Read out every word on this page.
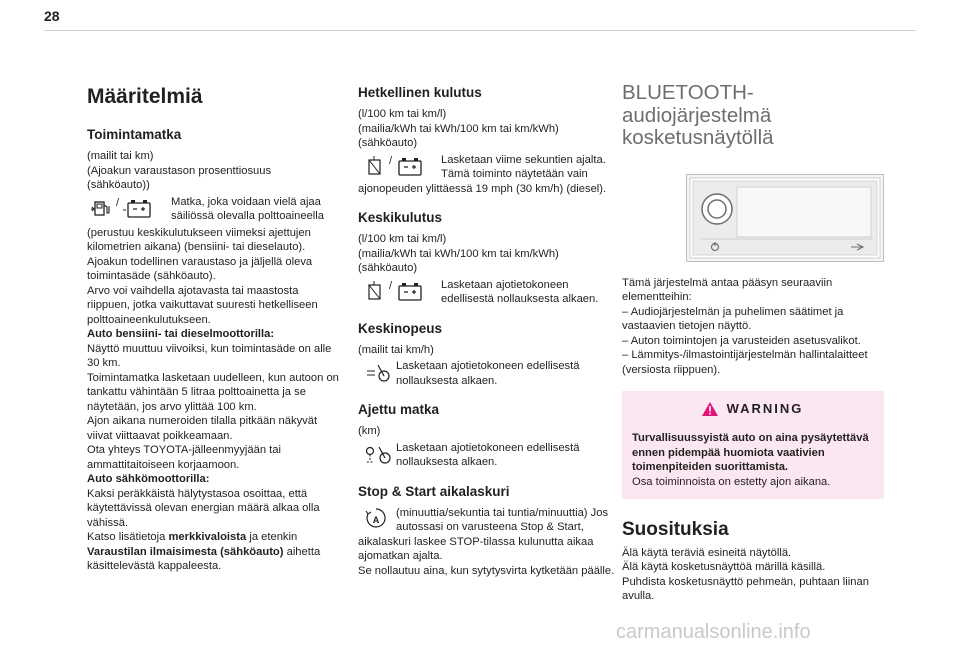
28
Määritelmiä
Toimintamatka

(mailit tai km)
(Ajoakun varaustason prosenttiosuus
(sähköauto))

/	Matka, joka voidaan vielä ajaa säiliössä olevalla polttoaineella

(perustuu keskikulutukseen viimeksi ajettujen kilometrien aikana) (bensiini- tai dieselauto).
Ajoakun todellinen varaustaso ja jäljellä oleva toimintasäde (sähköauto).
Arvo voi vaihdella ajotavasta tai maastosta riippuen, jotka vaikuttavat suuresti hetkelliseen polttoaineenkulutukseen.

Auto bensiini- tai dieselmoottorilla:

Näyttö muuttuu viivoiksi, kun toimintasäde on alle 30 km.
Toimintamatka lasketaan uudelleen, kun autoon on tankattu vähintään 5 litraa polttoainetta ja se näytetään, jos arvo ylittää 100 km.
Ajon aikana numeroiden tilalla pitkään näkyvät viivat viittaavat poikkeamaan.
Ota yhteys TOYOTA-jälleenmyyjään tai ammattitaitoiseen korjaamoon.

Auto sähkömoottorilla:

Kaksi peräkkäistä hälytystasoa osoittaa, että käytettävissä olevan energian määrä alkaa olla vähissä.

Katso lisätietoja merkkivaloista ja etenkin Varaustilan ilmaisimesta (sähköauto) aihetta käsittelevästä kappaleesta.

Hetkellinen kulutus

(l/100 km tai km/l)
(mailia/kWh tai kWh/100 km tai km/kWh)
(sähköauto)

/	Lasketaan viime sekuntien ajalta. Tämä toiminto näytetään vain

ajonopeuden ylittäessä 19 mph (30 km/h) (diesel).

Keskikulutus

(l/100 km tai km/l)
(mailia/kWh tai kWh/100 km tai km/kWh)
(sähköauto)

/	Lasketaan ajotietokoneen edellisestä nollauksesta alkaen.

Keskinopeus

(mailit tai km/h)

Lasketaan ajotietokoneen edellisestä nollauksesta alkaen.

Ajettu matka

(km)

Lasketaan ajotietokoneen edellisestä nollauksesta alkaen.

Stop & Start aikalaskuri
A

(minuuttia/sekuntia tai tuntia/minuuttia) Jos autossasi on varusteena Stop & Start,

aikalaskuri laskee STOP-tilassa kulunutta aikaa ajomatkan ajalta.
Se nollautuu aina, kun sytytysvirta kytketään päälle.

BLUETOOTH-
audiojärjestelmä
kosketusnäytöllä

Tämä järjestelmä antaa pääsyn seuraaviin elementteihin:

– Audiojärjestelmän ja puhelimen säätimet ja vastaavien tietojen näyttö.

– Auton toimintojen ja varusteiden asetusvalikot.

– Lämmitys-/ilmastointijärjestelmän hallintalaitteet (versiosta riippuen).

WARNING

Turvallisuussyistä auto on aina pysäytettävä ennen pidempää huomiota vaativien toimenpiteiden suorittamista.

Osa toiminnoista on estetty ajon aikana.

Suosituksia

Älä käytä teräviä esineitä näytöllä.
Älä käytä kosketusnäyttöä märillä käsillä.
Puhdista kosketusnäyttö pehmeän, puhtaan liinan avulla.

carmanualsonline.info
